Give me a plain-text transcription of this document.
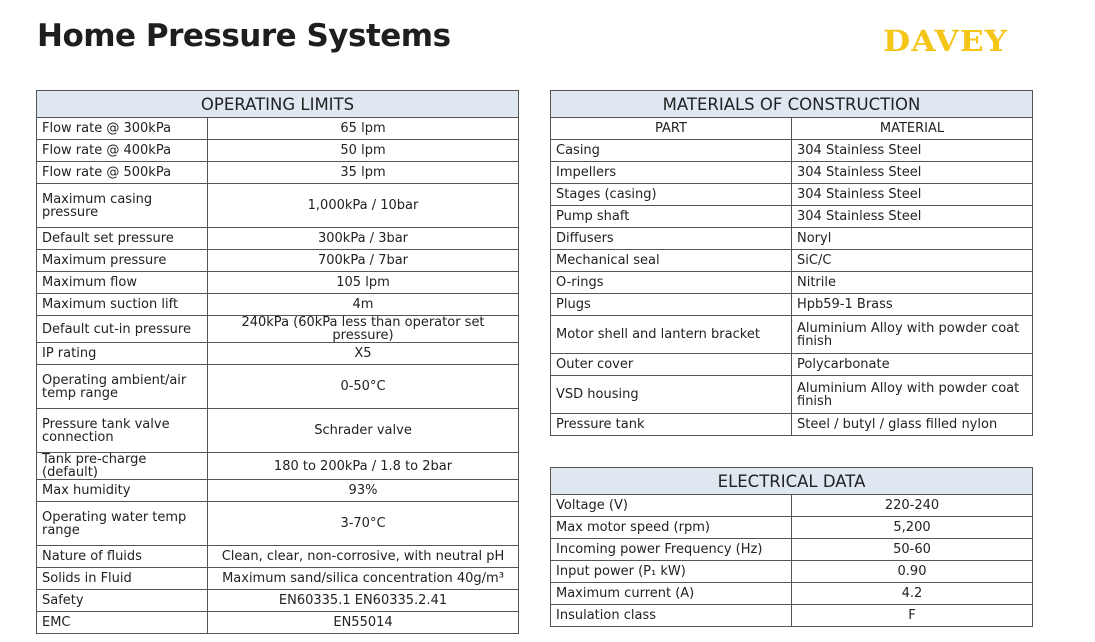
Home Pressure Systems	DAVEY
OPERATING LIMITS	
Flow rate @ 300kPa	65 lpm
Flow rate @ 400kPa	50 lpm
Flow rate @ 500kPa	35 lpm
Maximum casing pressure	1,000kPa / 10bar
Default set pressure	300kPa / 3bar
Maximum pressure	700kPa / 7bar
Maximum flow	105 lpm
Maximum suction lift	4m
Default cut-in pressure	240kPa (60kPa less than operator set pressure)
IP rating	X5
Operating ambient/air temp range	0-50°C
Pressure tank valve connection	Schrader valve
Tank pre-charge (default)	180 to 200kPa / 1.8 to 2bar
Max humidity	93%
Operating water temp range	3-70°C
Nature of fluids	Clean, clear, non-corrosive, with neutral pH
Solids in Fluid	Maximum sand/silica concentration 40g/m³
Safety	EN60335.1 EN60335.2.41
EMC	EN55014
MATERIALS OF CONSTRUCTION	
PART	MATERIAL
Casing	304 Stainless Steel
Impellers	304 Stainless Steel
Stages (casing)	304 Stainless Steel
Pump shaft	304 Stainless Steel
Diffusers	Noryl
Mechanical seal	SiC/C
O-rings	Nitrile
Plugs	Hpb59-1 Brass
Motor shell and lantern bracket	Aluminium Alloy with powder coat finish
Outer cover	Polycarbonate
VSD housing	Aluminium Alloy with powder coat finish
Pressure tank	Steel / butyl / glass filled nylon
ELECTRICAL DATA	
Voltage (V)	220-240
Max motor speed (rpm)	5,200
Incoming power Frequency (Hz)	50-60
Input power (P₁ kW)	0.90
Maximum current (A)	4.2
Insulation class	F
